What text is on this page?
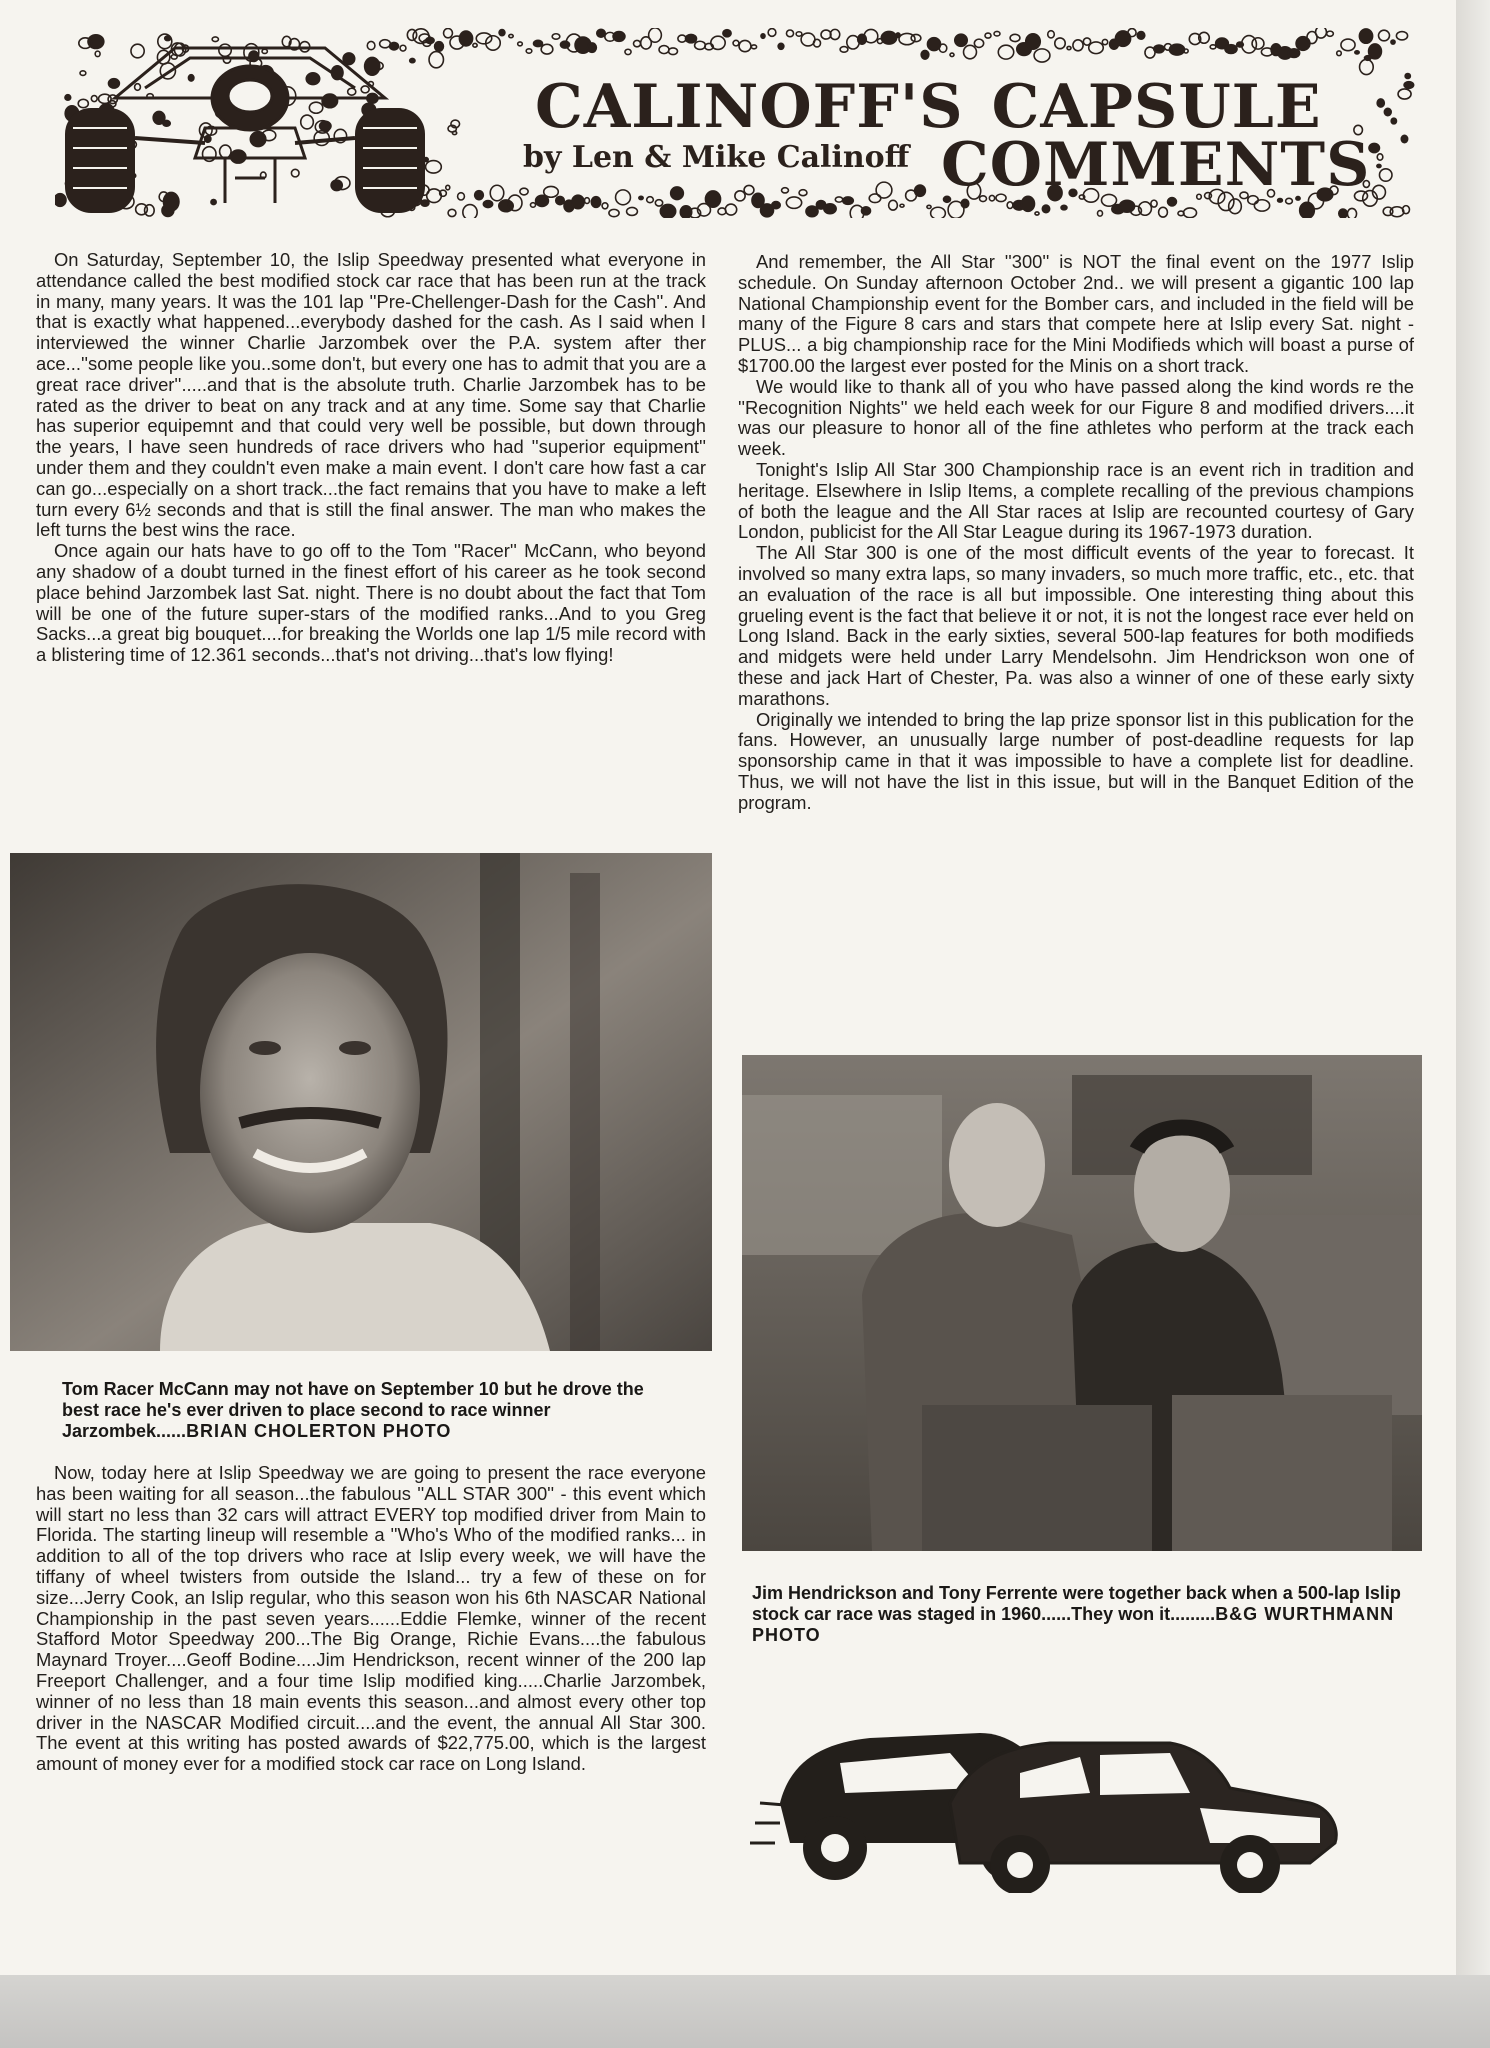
CALINOFF'S CAPSULE
by Len & Mike Calinoff COMMENTS

On Saturday, September 10, the Islip Speedway presented what everyone in attendance called the best modified stock car race that has been run at the track in many, many years. It was the 101 lap ''Pre-Chellenger-Dash for the Cash''. And that is exactly what happened...everybody dashed for the cash. As I said when I interviewed the winner Charlie Jarzombek over the P.A. system after ther ace...''some people like you..some don't, but every one has to admit that you are a great race driver''.....and that is the absolute truth. Charlie Jarzombek has to be rated as the driver to beat on any track and at any time. Some say that Charlie has superior equipemnt and that could very well be possible, but down through the years, I have seen hundreds of race drivers who had ''superior equipment'' under them and they couldn't even make a main event. I don't care how fast a car can go...especially on a short track...the fact remains that you have to make a left turn every 6½ seconds and that is still the final answer. The man who makes the left turns the best wins the race.

Once again our hats have to go off to the Tom ''Racer'' McCann, who beyond any shadow of a doubt turned in the finest effort of his career as he took second place behind Jarzombek last Sat. night. There is no doubt about the fact that Tom will be one of the future super-stars of the modified ranks...And to you Greg Sacks...a great big bouquet....for breaking the Worlds one lap 1/5 mile record with a blistering time of 12.361 seconds...that's not driving...that's low flying!

Tom Racer McCann may not have on September 10 but he drove the best race he's ever driven to place second to race winner Jarzombek......BRIAN CHOLERTON PHOTO

Now, today here at Islip Speedway we are going to present the race everyone has been waiting for all season...the fabulous ''ALL STAR 300'' - this event which will start no less than 32 cars will attract EVERY top modified driver from Main to Florida. The starting lineup will resemble a ''Who's Who of the modified ranks... in addition to all of the top drivers who race at Islip every week, we will have the tiffany of wheel twisters from outside the Island... try a few of these on for size...Jerry Cook, an Islip regular, who this season won his 6th NASCAR National Championship in the past seven years......Eddie Flemke, winner of the recent Stafford Motor Speedway 200...The Big Orange, Richie Evans....the fabulous Maynard Troyer....Geoff Bodine....Jim Hendrickson, recent winner of the 200 lap Freeport Challenger, and a four time Islip modified king.....Charlie Jarzombek, winner of no less than 18 main events this season...and almost every other top driver in the NASCAR Modified circuit....and the event, the annual All Star 300. The event at this writing has posted awards of $22,775.00, which is the largest amount of money ever for a modified stock car race on Long Island.

And remember, the All Star ''300'' is NOT the final event on the 1977 Islip schedule. On Sunday afternoon October 2nd.. we will present a gigantic 100 lap National Championship event for the Bomber cars, and included in the field will be many of the Figure 8 cars and stars that compete here at Islip every Sat. night - PLUS... a big championship race for the Mini Modifieds which will boast a purse of $1700.00 the largest ever posted for the Minis on a short track.

We would like to thank all of you who have passed along the kind words re the ''Recognition Nights'' we held each week for our Figure 8 and modified drivers....it was our pleasure to honor all of the fine athletes who perform at the track each week.

Tonight's Islip All Star 300 Championship race is an event rich in tradition and heritage. Elsewhere in Islip Items, a complete recalling of the previous champions of both the league and the All Star races at Islip are recounted courtesy of Gary London, publicist for the All Star League during its 1967-1973 duration.

The All Star 300 is one of the most difficult events of the year to forecast. It involved so many extra laps, so many invaders, so much more traffic, etc., etc. that an evaluation of the race is all but impossible. One interesting thing about this grueling event is the fact that believe it or not, it is not the longest race ever held on Long Island. Back in the early sixties, several 500-lap features for both modifieds and midgets were held under Larry Mendelsohn. Jim Hendrickson won one of these and jack Hart of Chester, Pa. was also a winner of one of these early sixty marathons.

Originally we intended to bring the lap prize sponsor list in this publication for the fans. However, an unusually large number of post-deadline requests for lap sponsorship came in that it was impossible to have a complete list for deadline. Thus, we will not have the list in this issue, but will in the Banquet Edition of the program.

Jim Hendrickson and Tony Ferrente were together back when a 500-lap Islip stock car race was staged in 1960......They won it.........B&G WURTHMANN PHOTO
